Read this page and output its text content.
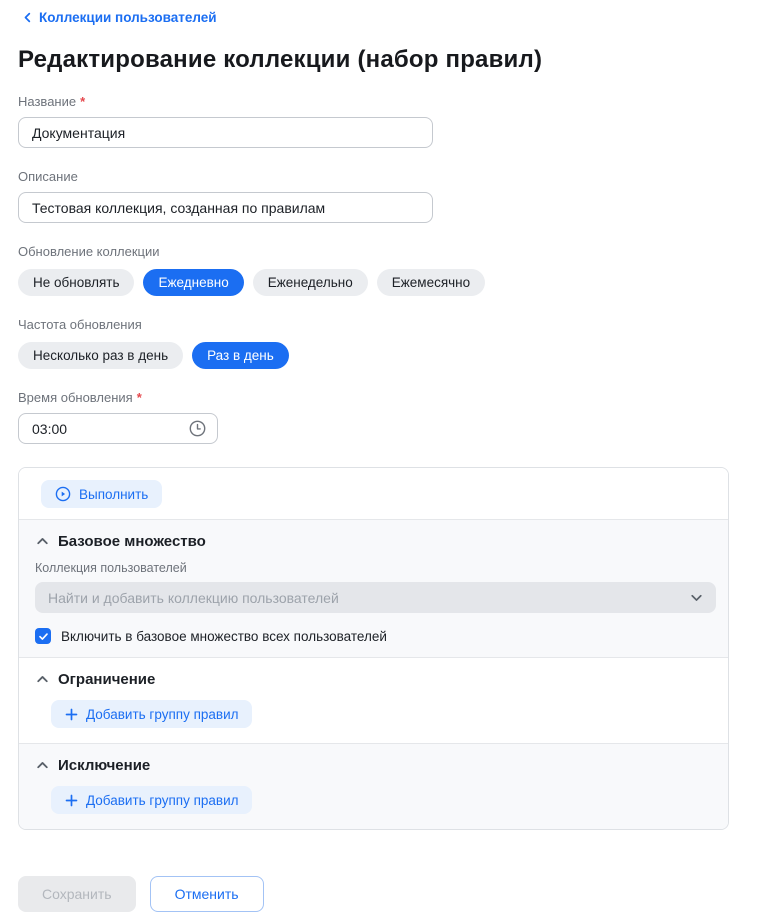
Коллекции пользователей
Редактирование коллекции (набор правил)
Название *
Документация
Описание
Тестовая коллекция, созданная по правилам
Обновление коллекции
Не обновлять	Ежедневно	Еженедельно	Ежемесячно
Частота обновления
Несколько раз в день	Раз в день
Время обновления *
03:00
Выполнить
Базовое множество
Коллекция пользователей
Найти и добавить коллекцию пользователей
Включить в базовое множество всех пользователей
Ограничение
Добавить группу правил
Исключение
Добавить группу правил
Сохранить	Отменить
